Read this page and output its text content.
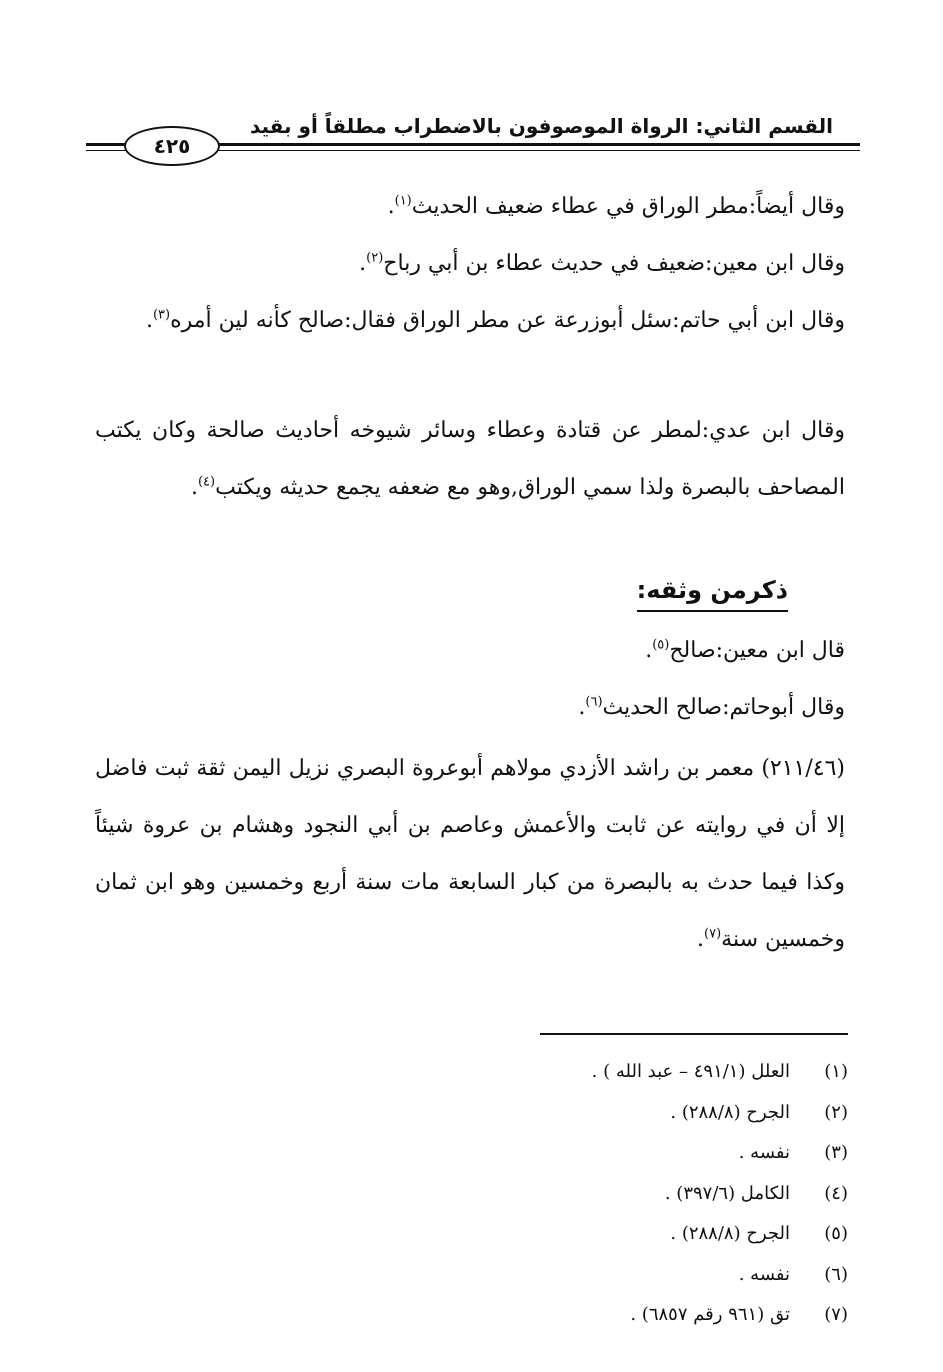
القسم الثاني: الرواة الموصوفون بالاضطراب مطلقاً أو بقيد
٤٢٥

وقال أيضاً:مطر الوراق في عطاء ضعيف الحديث$^{(١)}$.

وقال ابن معين:ضعيف في حديث عطاء بن أبي رباح$^{(٢)}$.

وقال ابن أبي حاتم:سئل أبوزرعة عن مطر الوراق فقال:صالح كأنه لين أمره$^{(٣)}$.

وقال ابن عدي:لمطر عن قتادة وعطاء وسائر شيوخه أحاديث صالحة وكان يكتب المصاحف بالبصرة ولذا سمي الوراق,وهو مع ضعفه يجمع حديثه ويكتب$^{(٤)}$.

ذكرمن وثقه:

قال ابن معين:صالح$^{(٥)}$.

وقال أبوحاتم:صالح الحديث$^{(٦)}$.

(٢١١/٤٦) معمر بن راشد الأزدي مولاهم أبوعروة البصري نزيل اليمن ثقة ثبت فاضل إلا أن في روايته عن ثابت والأعمش وعاصم بن أبي النجود وهشام بن عروة شيئاً وكذا فيما حدث به بالبصرة من كبار السابعة مات سنة أربع وخمسين وهو ابن ثمان وخمسين سنة$^{(٧)}$.

(١)
العلل (٤٩١/١ – عبد الله ) .
(٢)
الجرح (٢٨٨/٨) .
(٣)
نفسه .
(٤)
الكامل (٣٩٧/٦) .
(٥)
الجرح (٢٨٨/٨) .
(٦)
نفسه .
(٧)
تق (٩٦١ رقم ٦٨٥٧) .
